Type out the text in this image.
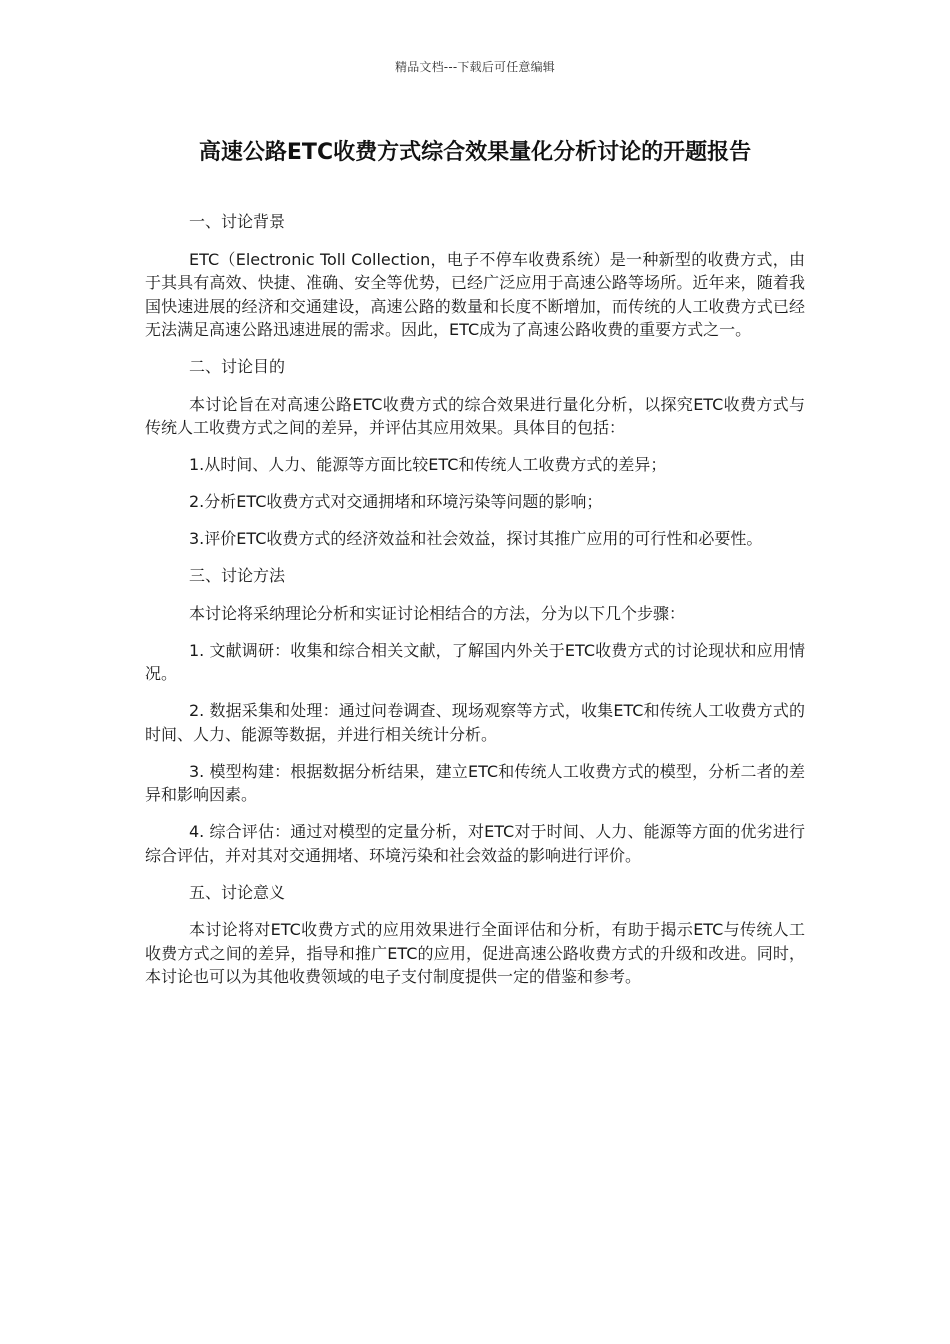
精品文档---下载后可任意编辑
高速公路ETC收费方式综合效果量化分析讨论的开题报告

一、讨论背景

ETC（Electronic Toll Collection，电子不停车收费系统）是一种新型的收费方式，由于其具有高效、快捷、准确、安全等优势，已经广泛应用于高速公路等场所。近年来，随着我国快速进展的经济和交通建设，高速公路的数量和长度不断增加，而传统的人工收费方式已经无法满足高速公路迅速进展的需求。因此，ETC成为了高速公路收费的重要方式之一。

二、讨论目的

本讨论旨在对高速公路ETC收费方式的综合效果进行量化分析，以探究ETC收费方式与传统人工收费方式之间的差异，并评估其应用效果。具体目的包括：

1.从时间、人力、能源等方面比较ETC和传统人工收费方式的差异；

2.分析ETC收费方式对交通拥堵和环境污染等问题的影响；

3.评价ETC收费方式的经济效益和社会效益，探讨其推广应用的可行性和必要性。

三、讨论方法

本讨论将采纳理论分析和实证讨论相结合的方法，分为以下几个步骤：

1. 文献调研：收集和综合相关文献，了解国内外关于ETC收费方式的讨论现状和应用情况。

2. 数据采集和处理：通过问卷调查、现场观察等方式，收集ETC和传统人工收费方式的时间、人力、能源等数据，并进行相关统计分析。

3. 模型构建：根据数据分析结果，建立ETC和传统人工收费方式的模型，分析二者的差异和影响因素。

4. 综合评估：通过对模型的定量分析，对ETC对于时间、人力、能源等方面的优劣进行综合评估，并对其对交通拥堵、环境污染和社会效益的影响进行评价。

五、讨论意义

本讨论将对ETC收费方式的应用效果进行全面评估和分析，有助于揭示ETC与传统人工收费方式之间的差异，指导和推广ETC的应用，促进高速公路收费方式的升级和改进。同时，本讨论也可以为其他收费领域的电子支付制度提供一定的借鉴和参考。
